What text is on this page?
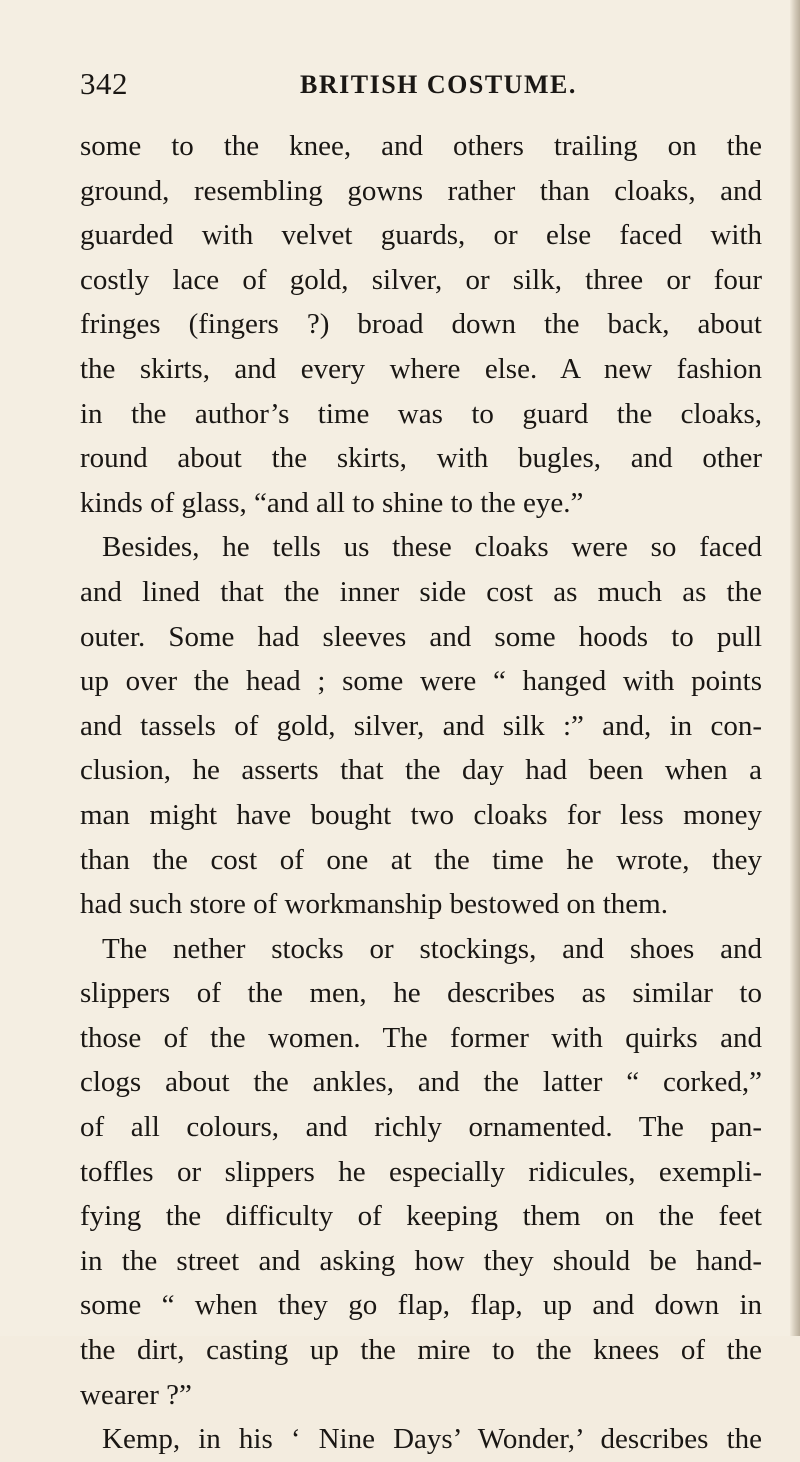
342	BRITISH COSTUME.
some to the knee, and others trailing on the
ground, resembling gowns rather than cloaks, and
guarded with velvet guards, or else faced with
costly lace of gold, silver, or silk, three or four
fringes (fingers ?) broad down the back, about
the skirts, and every where else. A new fashion
in the author’s time was to guard the cloaks,
round about the skirts, with bugles, and other
kinds of glass, “and all to shine to the eye.”
Besides, he tells us these cloaks were so faced
and lined that the inner side cost as much as the
outer. Some had sleeves and some hoods to pull
up over the head ; some were “ hanged with points
and tassels of gold, silver, and silk :” and, in con-
clusion, he asserts that the day had been when a
man might have bought two cloaks for less money
than the cost of one at the time he wrote, they
had such store of workmanship bestowed on them.
The nether stocks or stockings, and shoes and
slippers of the men, he describes as similar to
those of the women. The former with quirks and
clogs about the ankles, and the latter “ corked,”
of all colours, and richly ornamented. The pan-
toffles or slippers he especially ridicules, exempli-
fying the difficulty of keeping them on the feet
in the street and asking how they should be hand-
some “ when they go flap, flap, up and down in
the dirt, casting up the mire to the knees of the
wearer ?”
Kemp, in his ‘ Nine Days’ Wonder,’ describes the
